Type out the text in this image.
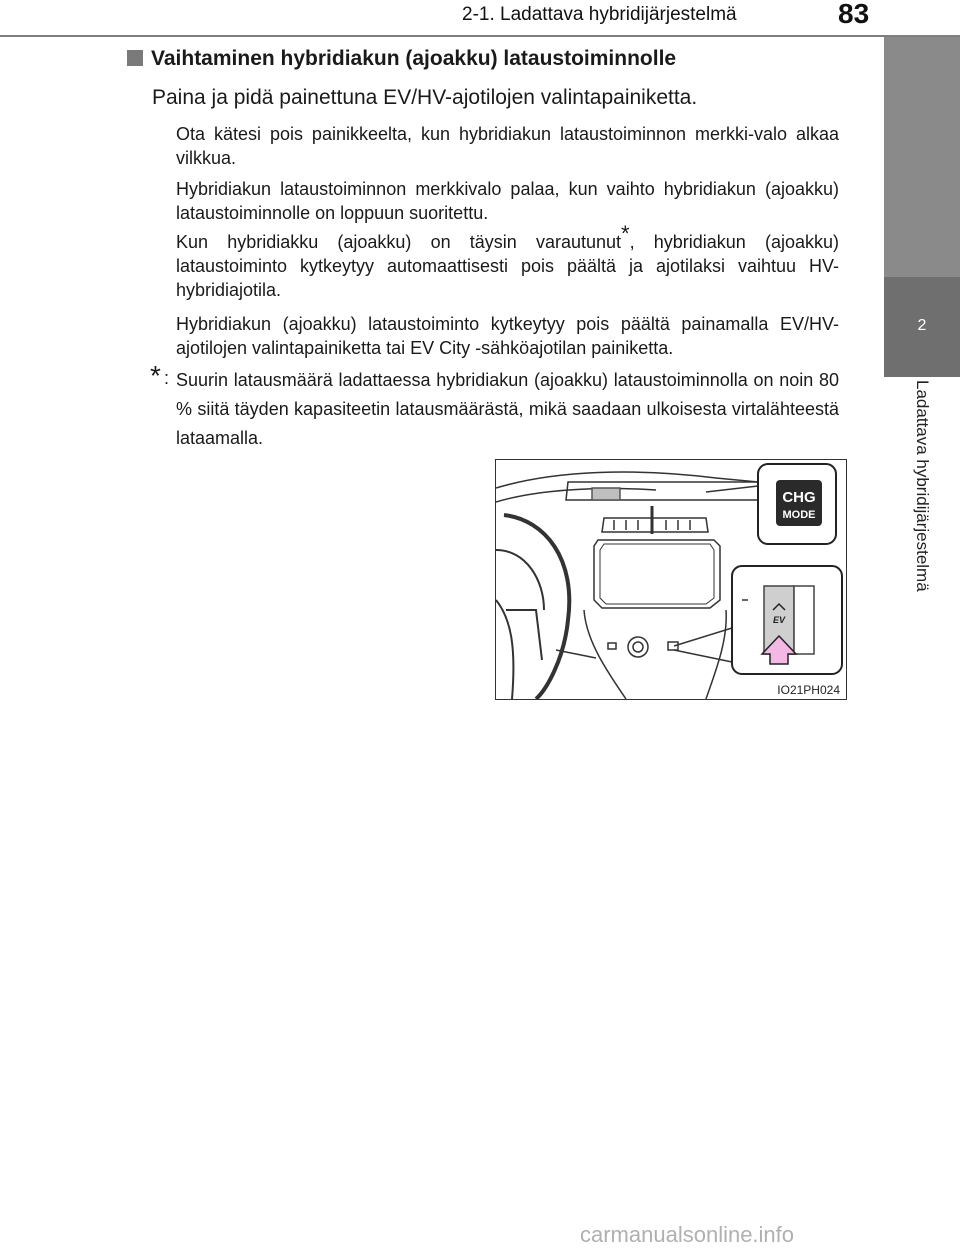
2-1. Ladattava hybridijärjestelmä	83
2
Ladattava hybridijärjestelmä
Vaihtaminen hybridiakun (ajoakku) lataustoiminnolle
Paina ja pidä painettuna EV/HV-ajotilojen valintapainiketta.
Ota kätesi pois painikkeelta, kun hybridiakun lataustoiminnon merkki-valo alkaa vilkkua.
Hybridiakun lataustoiminnon merkkivalo palaa, kun vaihto hybridiakun (ajoakku) lataustoiminnolle on loppuun suoritettu.
Kun hybridiakku (ajoakku) on täysin varautunut*, hybridiakun (ajoakku) lataustoiminto kytkeytyy automaattisesti pois päältä ja ajotilaksi vaihtuu HV-hybridiajotila.
Hybridiakun (ajoakku) lataustoiminto kytkeytyy pois päältä painamalla EV/HV-ajotilojen valintapainiketta tai EV City -sähköajotilan painiketta.
* : Suurin latausmäärä ladattaessa hybridiakun (ajoakku) lataustoiminnolla on noin 80 % siitä täyden kapasiteetin latausmäärästä, mikä saadaan ulkoisesta virtalähteestä lataamalla.
CHG
MODE
EV
IO21PH024
carmanualsonline.info
